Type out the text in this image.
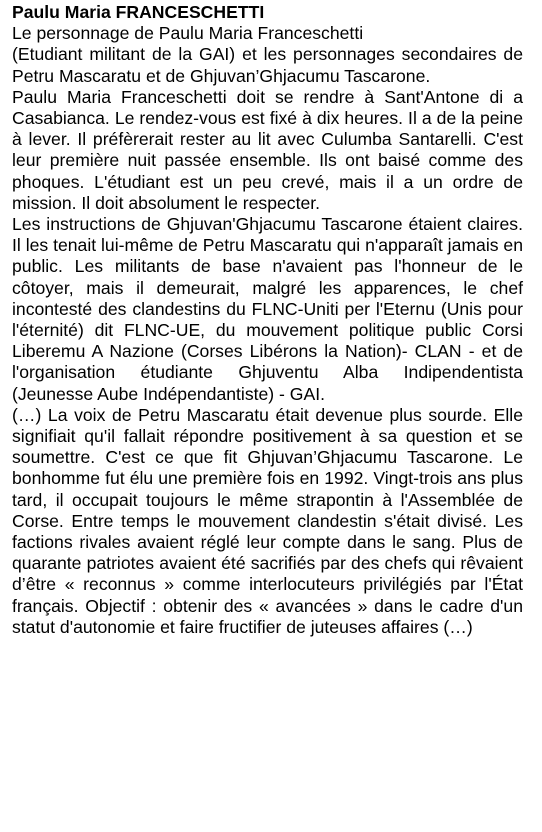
Paulu Maria FRANCESCHETTI

Le personnage de Paulu Maria Franceschetti

(Etudiant militant de la GAI) et les personnages secondaires de Petru Mascaratu et de Ghjuvan’Ghjacumu Tascarone.

Paulu Maria Franceschetti doit se rendre à Sant'Antone di a Casabianca. Le rendez-vous est fixé à dix heures. Il a de la peine à lever. Il préfèrerait rester au lit avec Culumba Santarelli. C'est leur première nuit passée ensemble. Ils ont baisé comme des phoques. L'étudiant est un peu crevé, mais il a un ordre de mission. Il doit absolument le respecter.

Les instructions de Ghjuvan'Ghjacumu Tascarone étaient claires. Il les tenait lui-même de Petru Mascaratu qui n'apparaît jamais en public. Les militants de base n'avaient pas l'honneur de le côtoyer, mais il demeurait, malgré les apparences, le chef incontesté des clandestins du FLNC-Uniti per l'Eternu (Unis pour l'éternité) dit FLNC-UE, du mouvement politique public Corsi Liberemu A Nazione (Corses Libérons la Nation)- CLAN - et de l'organisation étudiante Ghjuventu Alba Indipendentista (Jeunesse Aube Indépendantiste) - GAI.

(…) La voix de Petru Mascaratu était devenue plus sourde. Elle signifiait qu'il fallait répondre positivement à sa question et se soumettre. C'est ce que fit Ghjuvan’Ghjacumu Tascarone. Le bonhomme fut élu une première fois en 1992. Vingt-trois ans plus tard, il occupait toujours le même strapontin à l'Assemblée de Corse. Entre temps le mouvement clandestin s'était divisé. Les factions rivales avaient réglé leur compte dans le sang. Plus de quarante patriotes avaient été sacrifiés par des chefs qui rêvaient d’être « reconnus » comme interlocuteurs privilégiés par l'État français. Objectif : obtenir des « avancées » dans le cadre d'un statut d'autonomie et faire fructifier de juteuses affaires (…)
